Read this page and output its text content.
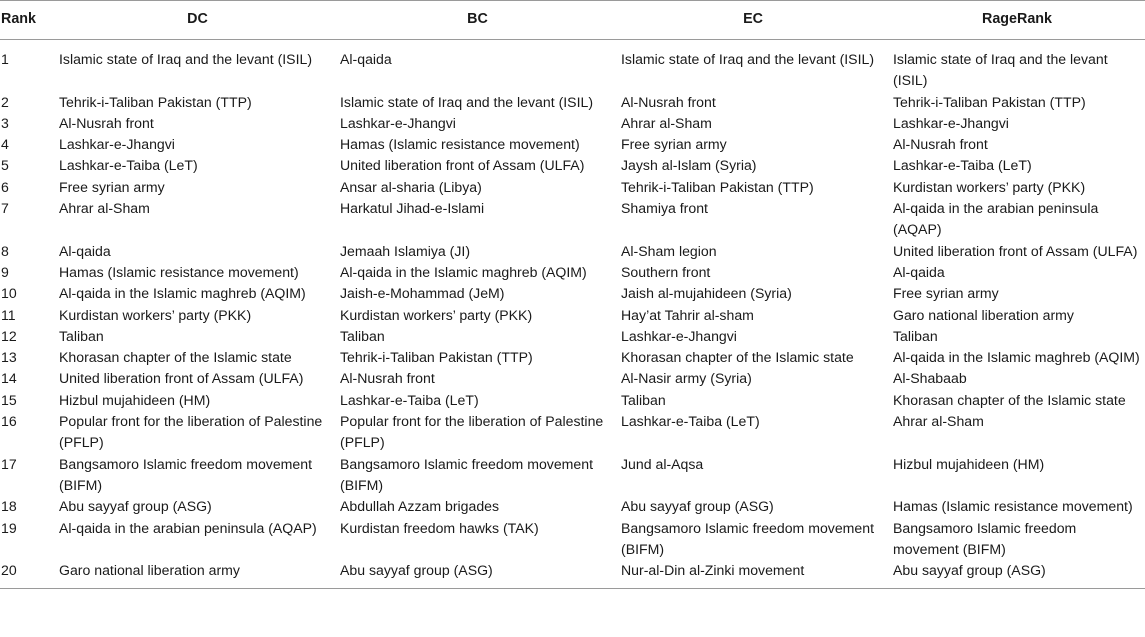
Rank	DC	BC	EC	RageRank
1	Islamic state of Iraq and the levant (ISIL)	Al-qaida	Islamic state of Iraq and the levant (ISIL)	Islamic state of Iraq and the levant (ISIL)
2	Tehrik-i-Taliban Pakistan (TTP)	Islamic state of Iraq and the levant (ISIL)	Al-Nusrah front	Tehrik-i-Taliban Pakistan (TTP)
3	Al-Nusrah front	Lashkar-e-Jhangvi	Ahrar al-Sham	Lashkar-e-Jhangvi
4	Lashkar-e-Jhangvi	Hamas (Islamic resistance movement)	Free syrian army	Al-Nusrah front
5	Lashkar-e-Taiba (LeT)	United liberation front of Assam (ULFA)	Jaysh al-Islam (Syria)	Lashkar-e-Taiba (LeT)
6	Free syrian army	Ansar al-sharia (Libya)	Tehrik-i-Taliban Pakistan (TTP)	Kurdistan workers’ party (PKK)
7	Ahrar al-Sham	Harkatul Jihad-e-Islami	Shamiya front	Al-qaida in the arabian peninsula (AQAP)
8	Al-qaida	Jemaah Islamiya (JI)	Al-Sham legion	United liberation front of Assam (ULFA)
9	Hamas (Islamic resistance movement)	Al-qaida in the Islamic maghreb (AQIM)	Southern front	Al-qaida
10	Al-qaida in the Islamic maghreb (AQIM)	Jaish-e-Mohammad (JeM)	Jaish al-mujahideen (Syria)	Free syrian army
11	Kurdistan workers’ party (PKK)	Kurdistan workers’ party (PKK)	Hay’at Tahrir al-sham	Garo national liberation army
12	Taliban	Taliban	Lashkar-e-Jhangvi	Taliban
13	Khorasan chapter of the Islamic state	Tehrik-i-Taliban Pakistan (TTP)	Khorasan chapter of the Islamic state	Al-qaida in the Islamic maghreb (AQIM)
14	United liberation front of Assam (ULFA)	Al-Nusrah front	Al-Nasir army (Syria)	Al-Shabaab
15	Hizbul mujahideen (HM)	Lashkar-e-Taiba (LeT)	Taliban	Khorasan chapter of the Islamic state
16	Popular front for the liberation of Palestine (PFLP)	Popular front for the liberation of Palestine (PFLP)	Lashkar-e-Taiba (LeT)	Ahrar al-Sham
17	Bangsamoro Islamic freedom movement (BIFM)	Bangsamoro Islamic freedom movement (BIFM)	Jund al-Aqsa	Hizbul mujahideen (HM)
18	Abu sayyaf group (ASG)	Abdullah Azzam brigades	Abu sayyaf group (ASG)	Hamas (Islamic resistance movement)
19	Al-qaida in the arabian peninsula (AQAP)	Kurdistan freedom hawks (TAK)	Bangsamoro Islamic freedom movement (BIFM)	Bangsamoro Islamic freedom movement (BIFM)
20	Garo national liberation army	Abu sayyaf group (ASG)	Nur-al-Din al-Zinki movement	Abu sayyaf group (ASG)
